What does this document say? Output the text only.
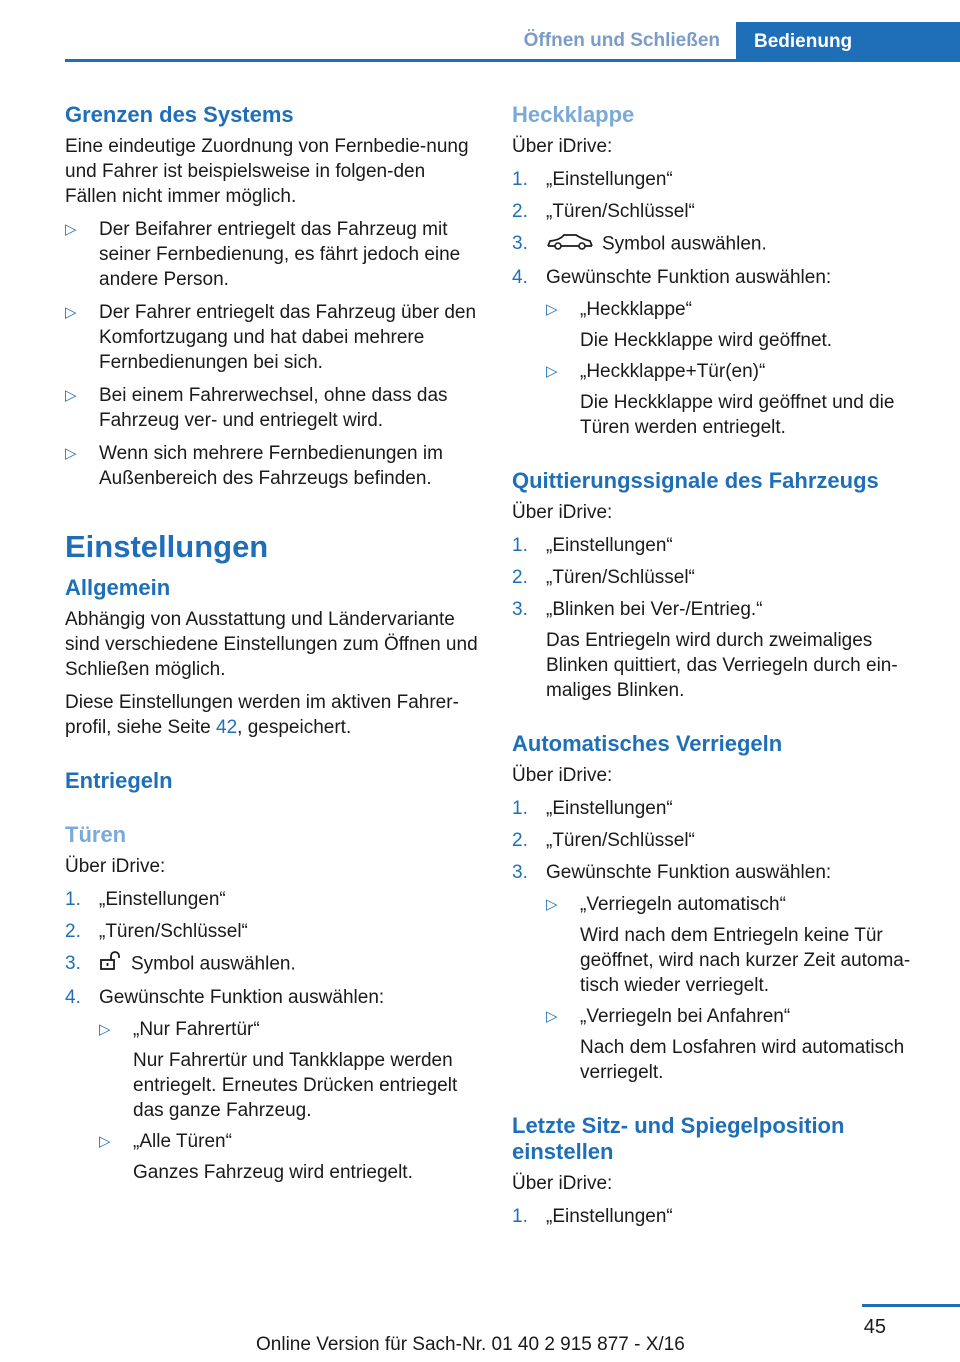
Öffnen und Schließen	Bedienung
Grenzen des Systems

Eine eindeutige Zuordnung von Fernbedie-nung und Fahrer ist beispielsweise in folgen-den Fällen nicht immer möglich.

▷ Der Beifahrer entriegelt das Fahrzeug mit seiner Fernbedienung, es fährt jedoch eine andere Person.
▷ Der Fahrer entriegelt das Fahrzeug über den Komfortzugang und hat dabei mehrere Fernbedienungen bei sich.
▷ Bei einem Fahrerwechsel, ohne dass das Fahrzeug ver- und entriegelt wird.
▷ Wenn sich mehrere Fernbedienungen im Außenbereich des Fahrzeugs befinden.
Einstellungen
Allgemein

Abhängig von Ausstattung und Ländervariante sind verschiedene Einstellungen zum Öffnen und Schließen möglich.

Diese Einstellungen werden im aktiven Fahrer-profil, siehe Seite 42, gespeichert.

Entriegeln
Türen

Über iDrive:

1. „Einstellungen“
2. „Türen/Schlüssel“
3.	Symbol auswählen.
4. Gewünschte Funktion auswählen:
▷ „Nur Fahrertür“
Nur Fahrertür und Tankklappe werden entriegelt. Erneutes Drücken entriegelt das ganze Fahrzeug.
▷ „Alle Türen“
Ganzes Fahrzeug wird entriegelt.
Heckklappe

Über iDrive:

1. „Einstellungen“
2. „Türen/Schlüssel“
3.	Symbol auswählen.
4. Gewünschte Funktion auswählen:
▷ „Heckklappe“
Die Heckklappe wird geöffnet.
▷ „Heckklappe+Tür(en)“
Die Heckklappe wird geöffnet und die Türen werden entriegelt.
Quittierungssignale des Fahrzeugs

Über iDrive:

1. „Einstellungen“
2. „Türen/Schlüssel“
3. „Blinken bei Ver-/Entrieg.“
Das Entriegeln wird durch zweimaliges Blinken quittiert, das Verriegeln durch ein-maliges Blinken.
Automatisches Verriegeln

Über iDrive:

1. „Einstellungen“
2. „Türen/Schlüssel“
3. Gewünschte Funktion auswählen:
▷ „Verriegeln automatisch“
Wird nach dem Entriegeln keine Tür geöffnet, wird nach kurzer Zeit automa-tisch wieder verriegelt.
▷ „Verriegeln bei Anfahren“
Nach dem Losfahren wird automatisch verriegelt.
Letzte Sitz- und Spiegelposition einstellen

Über iDrive:

1. „Einstellungen“
45
Online Version für Sach-Nr. 01 40 2 915 877 - X/16
